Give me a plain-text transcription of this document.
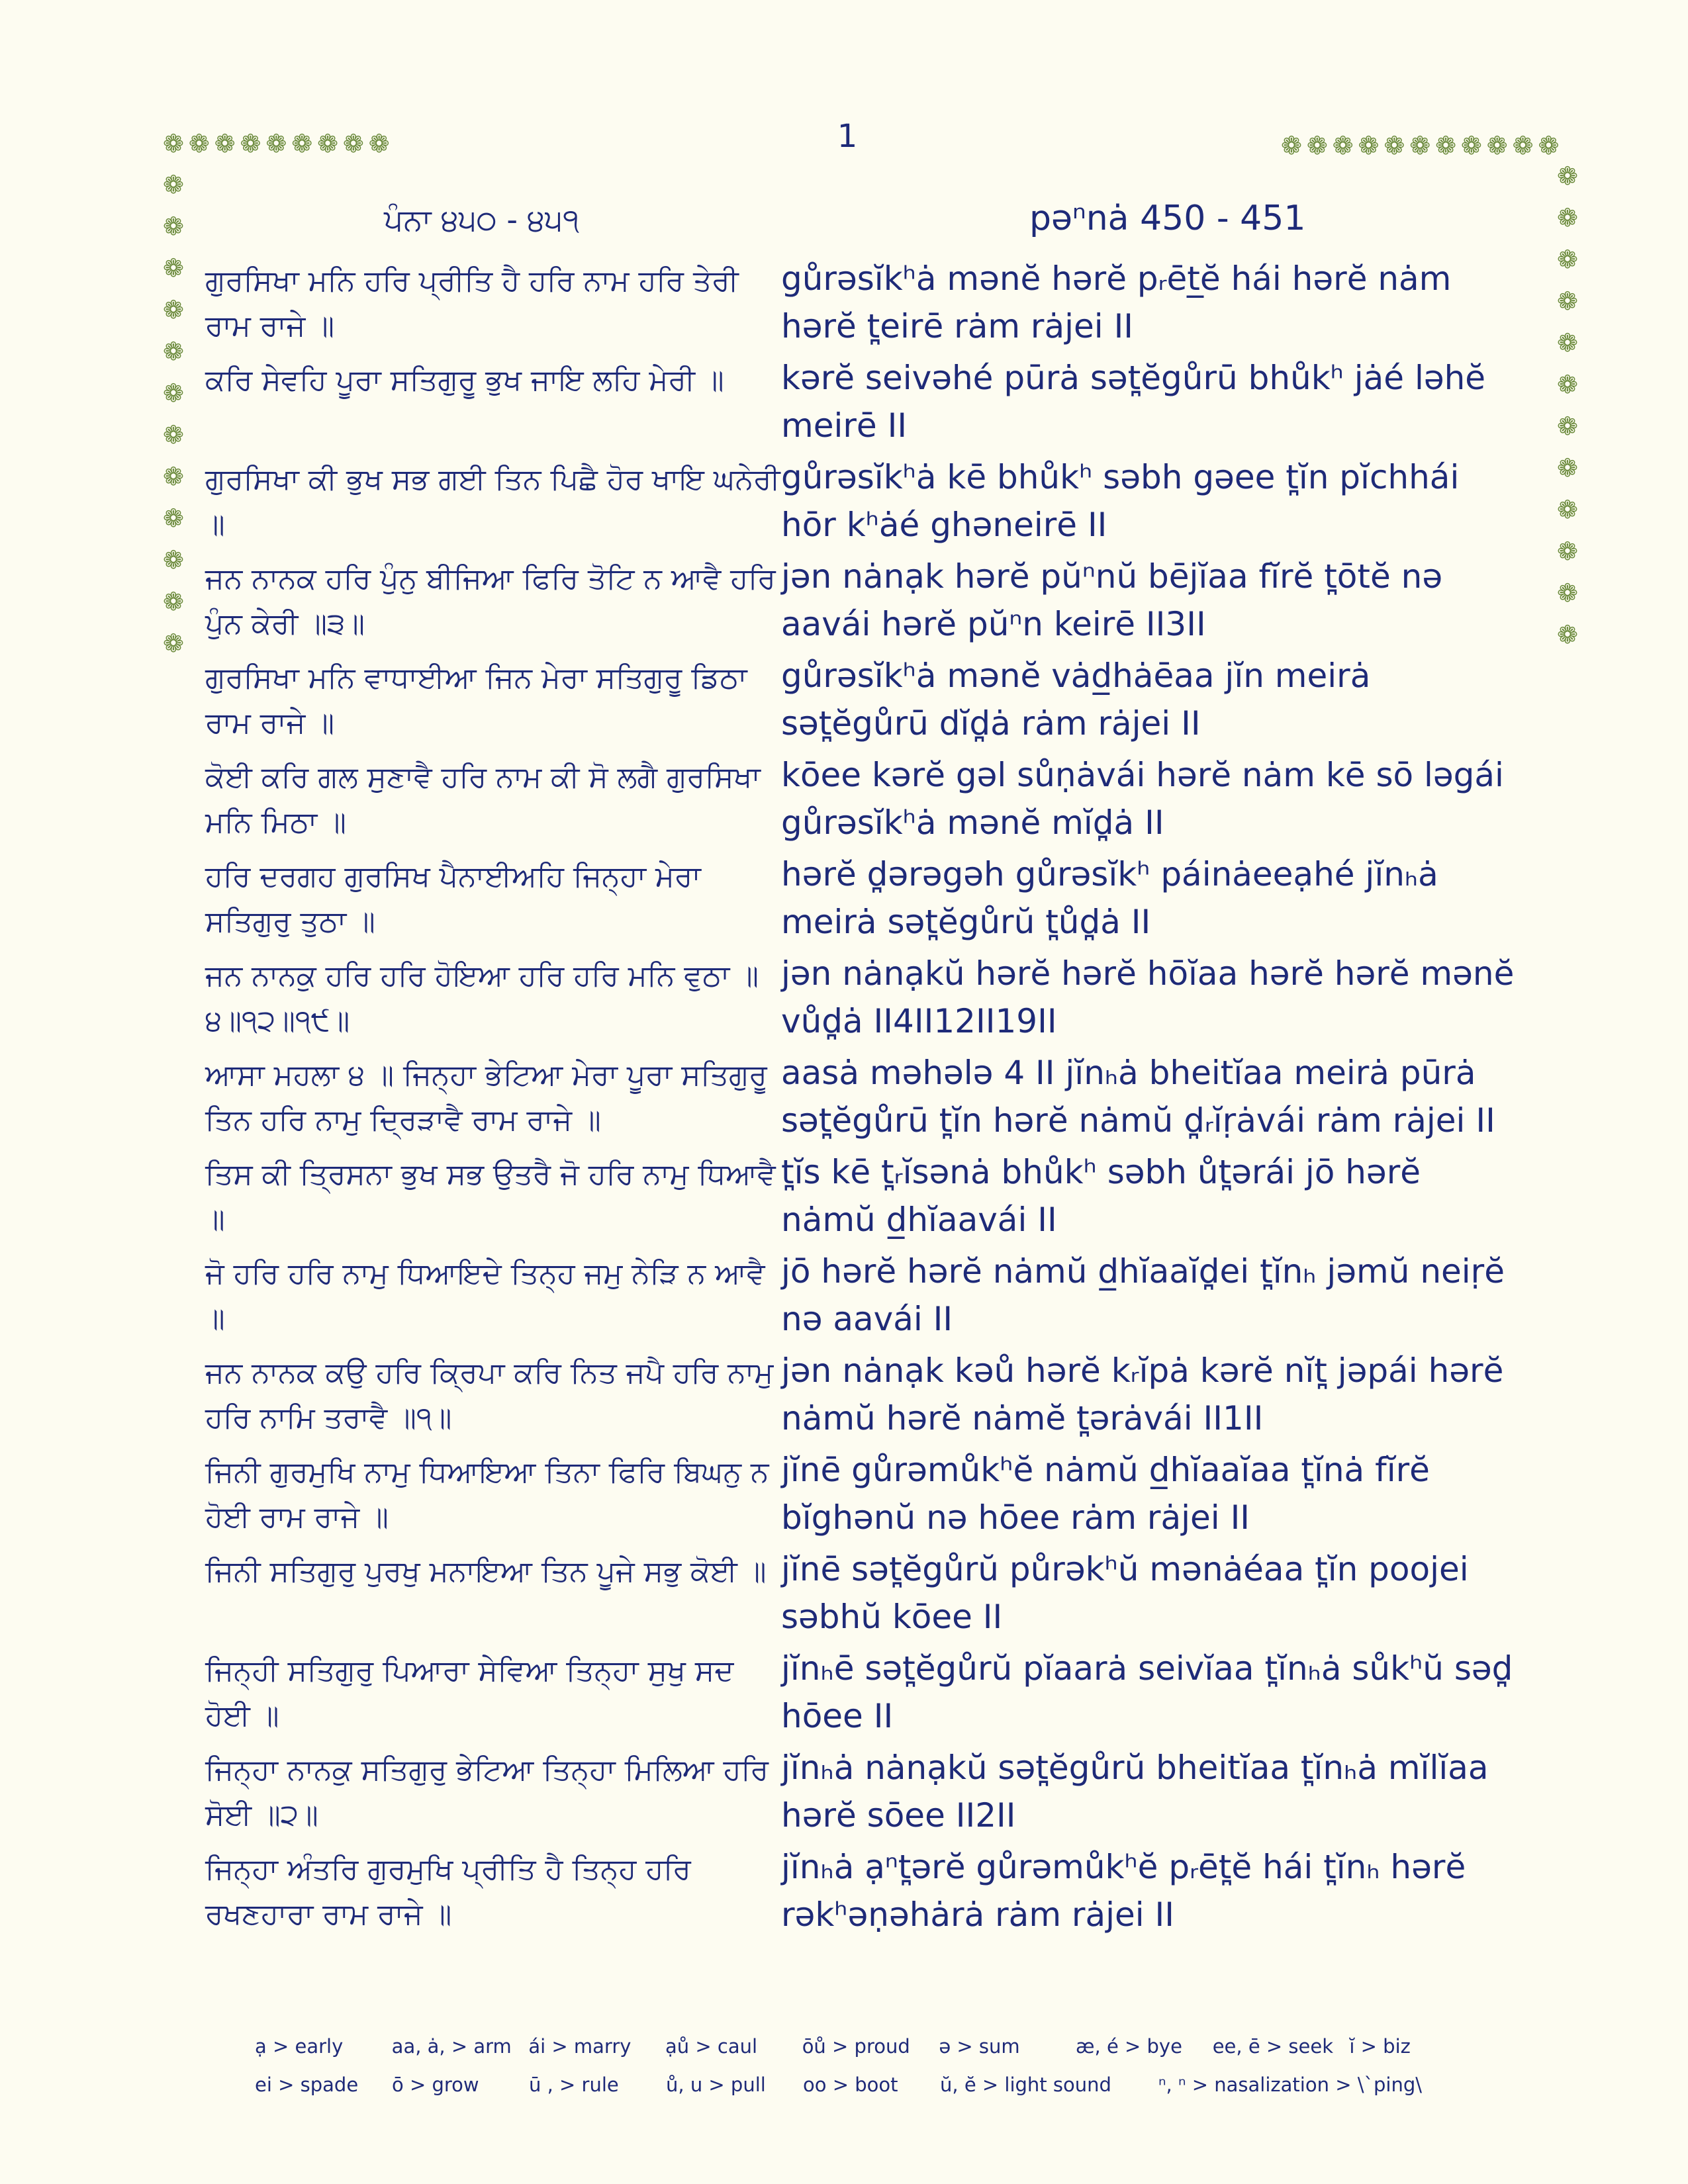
❁ ❁ ❁ ❁ ❁ ❁ ❁ ❁ ❁	❁ ❁ ❁ ❁ ❁ ❁ ❁ ❁ ❁ ❁ ❁
❁
❁
❁
❁
❁
❁
❁
❁
❁
❁
❁
❁
❁
❁
❁
❁
❁
❁
❁
❁
❁
❁
❁
❁
1
ਪੰਨਾ ੪੫੦ - ੪੫੧	pəⁿnȧ 450 - 451
ਗੁਰਸਿਖਾ ਮਨਿ ਹਰਿ ਪ੍ਰੀਤਿ ਹੈ ਹਰਿ ਨਾਮ ਹਰਿ ਤੇਰੀ ਰਾਮ ਰਾਜੇ ॥
gůrəsĭkʰȧ mənĕ hərĕ pᵣēt̲ĕ hái hərĕ nȧm hərĕ t̪eirē rȧm rȧjei II
ਕਰਿ ਸੇਵਹਿ ਪੂਰਾ ਸਤਿਗੁਰੂ ਭੁਖ ਜਾਇ ਲਹਿ ਮੇਰੀ ॥	kərĕ seivəhé pūrȧ sət̪ĕgůrū bhůkʰ jȧé ləhĕ meirē II
ਗੁਰਸਿਖਾ ਕੀ ਭੁਖ ਸਭ ਗਈ ਤਿਨ ਪਿਛੈ ਹੋਰ ਖਾਇ ਘਨੇਰੀ ॥
gůrəsĭkʰȧ kē bhůkʰ səbh gəee t̪ĭn pĭchhái hōr kʰȧé ghəneirē II
ਜਨ ਨਾਨਕ ਹਰਿ ਪੁੰਨੁ ਬੀਜਿਆ ਫਿਰਿ ਤੋਟਿ ਨ ਆਵੈ ਹਰਿ ਪੁੰਨ ਕੇਰੀ ॥੩॥
jən nȧnạk hərĕ pŭⁿnŭ bējĭaa fĭrĕ t̪ōtĕ nə aavái hərĕ pŭⁿn keirē II3II
ਗੁਰਸਿਖਾ ਮਨਿ ਵਾਧਾਈਆ ਜਿਨ ਮੇਰਾ ਸਤਿਗੁਰੂ ਡਿਠਾ ਰਾਮ ਰਾਜੇ ॥
gůrəsĭkʰȧ mənĕ vȧd̲hȧēaa jĭn meirȧ sət̪ĕgůrū dĭd̪ȧ rȧm rȧjei II
ਕੋਈ ਕਰਿ ਗਲ ਸੁਣਾਵੈ ਹਰਿ ਨਾਮ ਕੀ ਸੋ ਲਗੈ ਗੁਰਸਿਖਾ ਮਨਿ ਮਿਠਾ ॥
kōee kərĕ gəl sůṇȧvái hərĕ nȧm kē sō ləgái gůrəsĭkʰȧ mənĕ mĭd̪ȧ II
ਹਰਿ ਦਰਗਹ ਗੁਰਸਿਖ ਪੈਨਾਈਅਹਿ ਜਿਨ੍ਹਾ ਮੇਰਾ ਸਤਿਗੁਰੁ ਤੁਠਾ ॥
hərĕ d̪ərəgəh gůrəsĭkʰ páinȧeeạhé jĭnₕȧ meirȧ sət̪ĕgůrŭ t̪ůd̪ȧ II
ਜਨ ਨਾਨਕੁ ਹਰਿ ਹਰਿ ਹੋਇਆ ਹਰਿ ਹਰਿ ਮਨਿ ਵੁਠਾ ॥੪॥੧੨॥੧੯॥
jən nȧnạkŭ hərĕ hərĕ hōĭaa hərĕ hərĕ mənĕ vůd̪ȧ II4II12II19II
ਆਸਾ ਮਹਲਾ ੪ ॥ ਜਿਨ੍ਹਾ ਭੇਟਿਆ ਮੇਰਾ ਪੂਰਾ ਸਤਿਗੁਰੂ ਤਿਨ ਹਰਿ ਨਾਮੁ ਦ੍ਰਿੜਾਵੈ ਰਾਮ ਰਾਜੇ ॥
aasȧ məhələ 4 II jĭnₕȧ bheitĭaa meirȧ pūrȧ sət̪ĕgůrū t̪ĭn hərĕ nȧmŭ d̪ᵣĭṛȧvái rȧm rȧjei II
ਤਿਸ ਕੀ ਤ੍ਰਿਸਨਾ ਭੁਖ ਸਭ ਉਤਰੈ ਜੋ ਹਰਿ ਨਾਮੁ ਧਿਆਵੈ ॥
t̪ĭs kē t̪ᵣĭsənȧ bhůkʰ səbh ůt̪ərái jō hərĕ nȧmŭ d̲hĭaavái II
ਜੋ ਹਰਿ ਹਰਿ ਨਾਮੁ ਧਿਆਇਦੇ ਤਿਨ੍ਹ ਜਮੁ ਨੇੜਿ ਨ ਆਵੈ ॥
jō hərĕ hərĕ nȧmŭ d̲hĭaaĭd̪ei t̪ĭnₕ jəmŭ neiṛĕ nə aavái II
ਜਨ ਨਾਨਕ ਕਉ ਹਰਿ ਕ੍ਰਿਪਾ ਕਰਿ ਨਿਤ ਜਪੈ ਹਰਿ ਨਾਮੁ ਹਰਿ ਨਾਮਿ ਤਰਾਵੈ ॥੧॥
jən nȧnạk kəů hərĕ kᵣĭpȧ kərĕ nĭt̪ jəpái hərĕ nȧmŭ hərĕ nȧmĕ t̪ərȧvái II1II
ਜਿਨੀ ਗੁਰਮੁਖਿ ਨਾਮੁ ਧਿਆਇਆ ਤਿਨਾ ਫਿਰਿ ਬਿਘਨੁ ਨ ਹੋਈ ਰਾਮ ਰਾਜੇ ॥
jĭnē gůrəmůkʰĕ nȧmŭ d̲hĭaaĭaa t̪ĭnȧ fĭrĕ bĭghənŭ nə hōee rȧm rȧjei II
ਜਿਨੀ ਸਤਿਗੁਰੁ ਪੁਰਖੁ ਮਨਾਇਆ ਤਿਨ ਪੂਜੇ ਸਭੁ ਕੋਈ ॥ jĭnē sət̪ĕgůrŭ půrəkʰŭ mənȧéaa t̪ĭn poojei səbhŭ kōee II
ਜਿਨ੍ਹੀ ਸਤਿਗੁਰੁ ਪਿਆਰਾ ਸੇਵਿਆ ਤਿਨ੍ਹਾ ਸੁਖੁ ਸਦ ਹੋਈ ॥
jĭnₕē sət̪ĕgůrŭ pĭaarȧ seivĭaa t̪ĭnₕȧ sůkʰŭ səd̪ hōee II
ਜਿਨ੍ਹਾ ਨਾਨਕੁ ਸਤਿਗੁਰੁ ਭੇਟਿਆ ਤਿਨ੍ਹਾ ਮਿਲਿਆ ਹਰਿ ਸੋਈ ॥੨॥
jĭnₕȧ nȧnạkŭ sət̪ĕgůrŭ bheitĭaa t̪ĭnₕȧ mĭlĭaa hərĕ sōee II2II
ਜਿਨ੍ਹਾ ਅੰਤਰਿ ਗੁਰਮੁਖਿ ਪ੍ਰੀਤਿ ਹੈ ਤਿਨ੍ਹ ਹਰਿ ਰਖਣਹਾਰਾ ਰਾਮ ਰਾਜੇ ॥
jĭnₕȧ ạⁿt̪ərĕ gůrəmůkʰĕ pᵣēt̪ĕ hái t̪ĭnₕ hərĕ rəkʰəṇəhȧrȧ rȧm rȧjei II
ạ > early	aa, ȧ, > arm ái > marry	ạů > caul	ōů > proud	ə > sum	æ, é > bye	ee, ē > seek ĭ > biz
ei > spade	ō > grow	ū , > rule	ů, u > pull	oo > boot	ŭ, ĕ > light sound	ⁿ, ⁿ > nasalization > \`ping\
